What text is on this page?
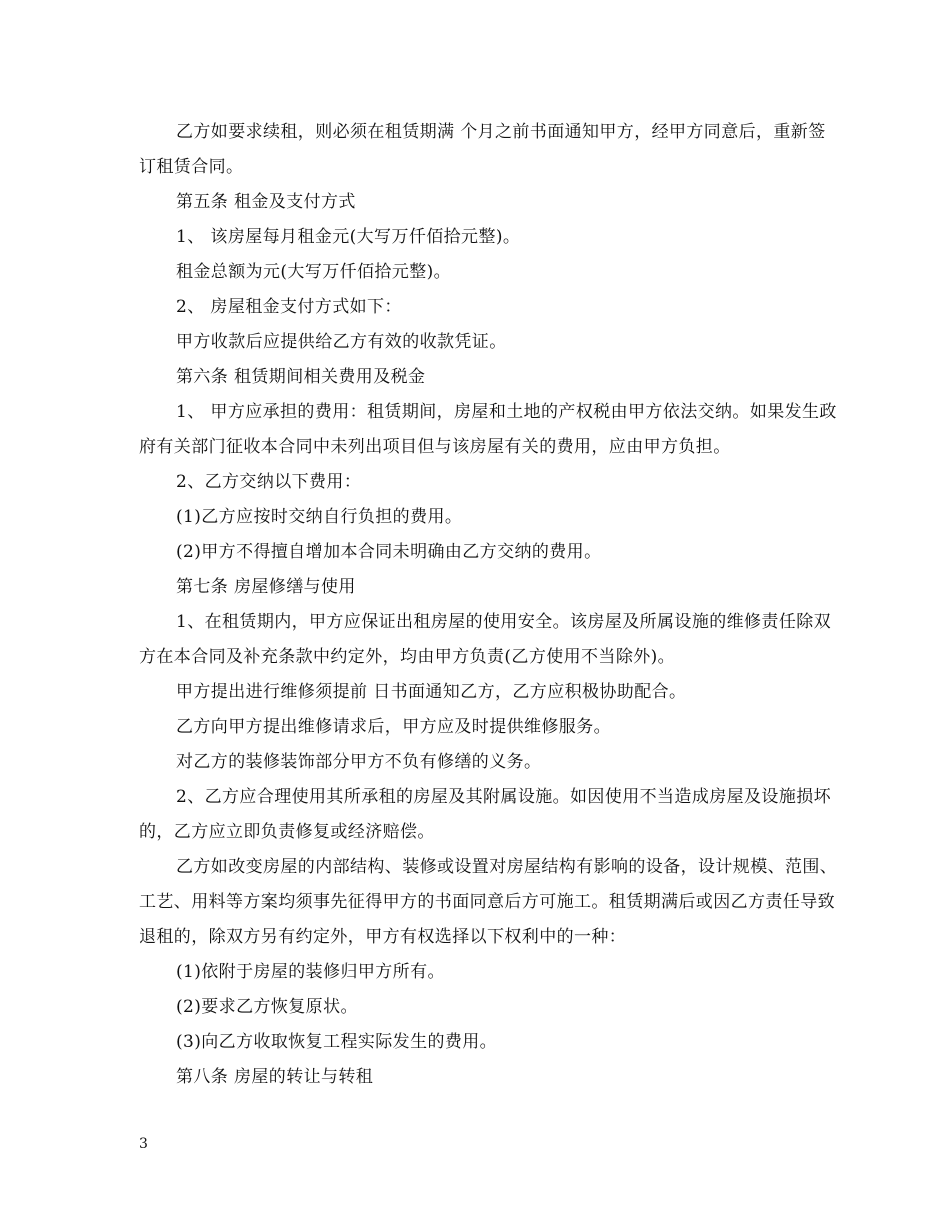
乙方如要求续租，则必须在租赁期满 个月之前书面通知甲方，经甲方同意后，重新签订租赁合同。

第五条 租金及支付方式

1、 该房屋每月租金元(大写万仟佰拾元整)。

租金总额为元(大写万仟佰拾元整)。

2、 房屋租金支付方式如下：

甲方收款后应提供给乙方有效的收款凭证。

第六条 租赁期间相关费用及税金

1、 甲方应承担的费用：租赁期间，房屋和土地的产权税由甲方依法交纳。如果发生政府有关部门征收本合同中未列出项目但与该房屋有关的费用，应由甲方负担。

2、乙方交纳以下费用：

(1)乙方应按时交纳自行负担的费用。

(2)甲方不得擅自增加本合同未明确由乙方交纳的费用。

第七条 房屋修缮与使用

1、在租赁期内，甲方应保证出租房屋的使用安全。该房屋及所属设施的维修责任除双方在本合同及补充条款中约定外，均由甲方负责(乙方使用不当除外)。

甲方提出进行维修须提前 日书面通知乙方，乙方应积极协助配合。

乙方向甲方提出维修请求后，甲方应及时提供维修服务。

对乙方的装修装饰部分甲方不负有修缮的义务。

2、乙方应合理使用其所承租的房屋及其附属设施。如因使用不当造成房屋及设施损坏的，乙方应立即负责修复或经济赔偿。

乙方如改变房屋的内部结构、装修或设置对房屋结构有影响的设备，设计规模、范围、工艺、用料等方案均须事先征得甲方的书面同意后方可施工。租赁期满后或因乙方责任导致退租的，除双方另有约定外，甲方有权选择以下权利中的一种：

(1)依附于房屋的装修归甲方所有。

(2)要求乙方恢复原状。

(3)向乙方收取恢复工程实际发生的费用。

第八条 房屋的转让与转租

3
